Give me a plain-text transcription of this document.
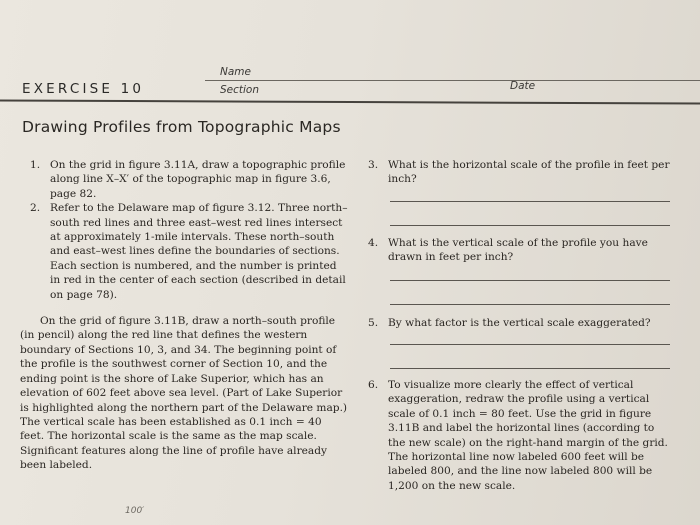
EXERCISE 10
Name
Section	Date
Drawing Profiles from Topographic Maps
1. On the grid in figure 3.11A, draw a topographic profile along line X–X′ of the topographic map in figure 3.6, page 82.
2. Refer to the Delaware map of figure 3.12. Three north–south red lines and three east–west red lines intersect at approximately 1-mile intervals. These north–south and east–west lines define the boundaries of sections. Each section is numbered, and the number is printed in red in the center of each section (described in detail on page 78).

On the grid of figure 3.11B, draw a north–south profile (in pencil) along the red line that defines the western boundary of Sections 10, 3, and 34. The beginning point of the profile is the southwest corner of Section 10, and the ending point is the shore of Lake Superior, which has an elevation of 602 feet above sea level. (Part of Lake Superior is highlighted along the northern part of the Delaware map.) The vertical scale has been established as 0.1 inch = 40 feet. The horizontal scale is the same as the map scale. Significant features along the line of profile have already been labeled.

100′
3. What is the horizontal scale of the profile in feet per inch?
4. What is the vertical scale of the profile you have drawn in feet per inch?
5. By what factor is the vertical scale exaggerated?
6. To visualize more clearly the effect of vertical exaggeration, redraw the profile using a vertical scale of 0.1 inch = 80 feet. Use the grid in figure 3.11B and label the horizontal lines (according to the new scale) on the right-hand margin of the grid. The horizontal line now labeled 600 feet will be labeled 800, and the line now labeled 800 will be 1,200 on the new scale.
